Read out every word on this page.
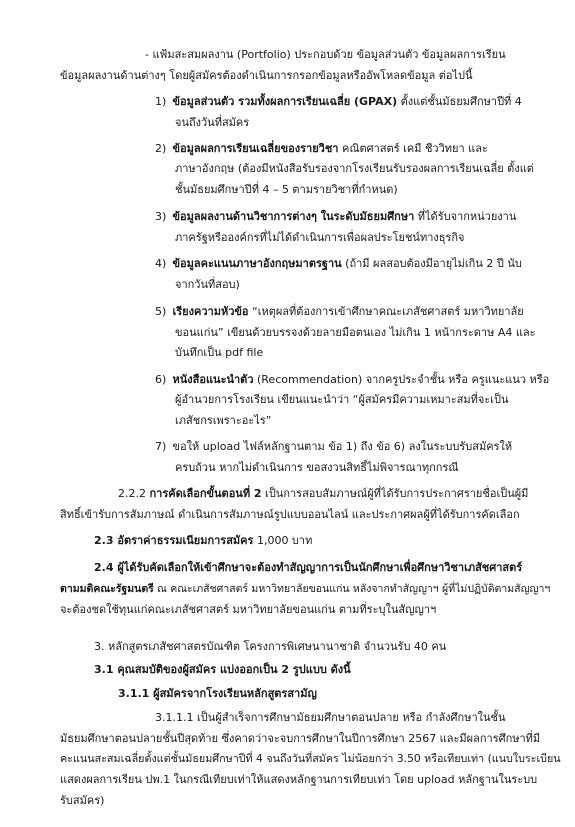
- แฟ้มสะสมผลงาน (Portfolio) ประกอบด้วย ข้อมูลส่วนตัว ข้อมูลผลการเรียน
ข้อมูลผลงานด้านต่างๆ โดยผู้สมัครต้องดำเนินการกรอกข้อมูลหรืออัพโหลดข้อมูล ต่อไปนี้
1) ข้อมูลส่วนตัว รวมทั้งผลการเรียนเฉลี่ย (GPAX) ตั้งแต่ชั้นมัธยมศึกษาปีที่ 4
จนถึงวันที่สมัคร
2) ข้อมูลผลการเรียนเฉลี่ยของรายวิชา คณิตศาสตร์ เคมี ชีววิทยา และ
ภาษาอังกฤษ (ต้องมีหนังสือรับรองจากโรงเรียนรับรองผลการเรียนเฉลี่ย ตั้งแต่
ชั้นมัธยมศึกษาปีที่ 4 – 5 ตามรายวิชาที่กำหนด)
3) ข้อมูลผลงานด้านวิชาการต่างๆ ในระดับมัธยมศึกษา ที่ได้รับจากหน่วยงาน
ภาครัฐหรือองค์กรที่ไม่ได้ดำเนินการเพื่อผลประโยชน์ทางธุรกิจ
4) ข้อมูลคะแนนภาษาอังกฤษมาตรฐาน (ถ้ามี ผลสอบต้องมีอายุไม่เกิน 2 ปี นับ
จากวันที่สอบ)
5) เรียงความหัวข้อ “เหตุผลที่ต้องการเข้าศึกษาคณะเภสัชศาสตร์ มหาวิทยาลัย
ขอนแก่น” เขียนด้วยบรรจงด้วยลายมือตนเอง ไม่เกิน 1 หน้ากระดาษ A4 และ
บันทึกเป็น pdf file
6) หนังสือแนะนำตัว (Recommendation) จากครูประจำชั้น หรือ ครูแนะแนว หรือ
ผู้อำนวยการโรงเรียน เขียนแนะนำว่า “ผู้สมัครมีความเหมาะสมที่จะเป็น
เภสัชกรเพราะอะไร”
7) ขอให้ upload ไฟล์หลักฐานตาม ข้อ 1) ถึง ข้อ 6) ลงในระบบรับสมัครให้
ครบถ้วน หากไม่ดำเนินการ ขอสงวนสิทธิ์ไม่พิจารณาทุกกรณี
2.2.2 การคัดเลือกขั้นตอนที่ 2 เป็นการสอบสัมภาษณ์ผู้ที่ได้รับการประกาศรายชื่อเป็นผู้มี
สิทธิ์เข้ารับการสัมภาษณ์ ดำเนินการสัมภาษณ์รูปแบบออนไลน์ และประกาศผลผู้ที่ได้รับการคัดเลือก
2.3 อัตราค่าธรรมเนียมการสมัคร 1,000 บาท
2.4 ผู้ได้รับคัดเลือกให้เข้าศึกษาจะต้องทำสัญญาการเป็นนักศึกษาเพื่อศึกษาวิชาเภสัชศาสตร์
ตามมติคณะรัฐมนตรี ณ คณะเภสัชศาสตร์ มหาวิทยาลัยขอนแก่น หลังจากทำสัญญาฯ ผู้ที่ไม่ปฏิบัติตามสัญญาฯ
จะต้องชดใช้ทุนแก่คณะเภสัชศาสตร์ มหาวิทยาลัยขอนแก่น ตามที่ระบุในสัญญาฯ
3. หลักสูตรเภสัชศาสตรบัณฑิต โครงการพิเศษนานาชาติ จำนวนรับ 40 คน
3.1 คุณสมบัติของผู้สมัคร แบ่งออกเป็น 2 รูปแบบ ดังนี้
3.1.1 ผู้สมัครจากโรงเรียนหลักสูตรสามัญ
3.1.1.1 เป็นผู้สำเร็จการศึกษามัธยมศึกษาตอนปลาย หรือ กำลังศึกษาในชั้น
มัธยมศึกษาตอนปลายชั้นปีสุดท้าย ซึ่งคาดว่าจะจบการศึกษาในปีการศึกษา 2567 และมีผลการศึกษาที่มี
คะแนนสะสมเฉลี่ยตั้งแต่ชั้นมัธยมศึกษาปีที่ 4 จนถึงวันที่สมัคร ไม่น้อยกว่า 3.50 หรือเทียบเท่า (แนบใบระเบียน
แสดงผลการเรียน ปพ.1 ในกรณีเทียบเท่าให้แสดงหลักฐานการเทียบเท่า โดย upload หลักฐานในระบบ
รับสมัคร)
